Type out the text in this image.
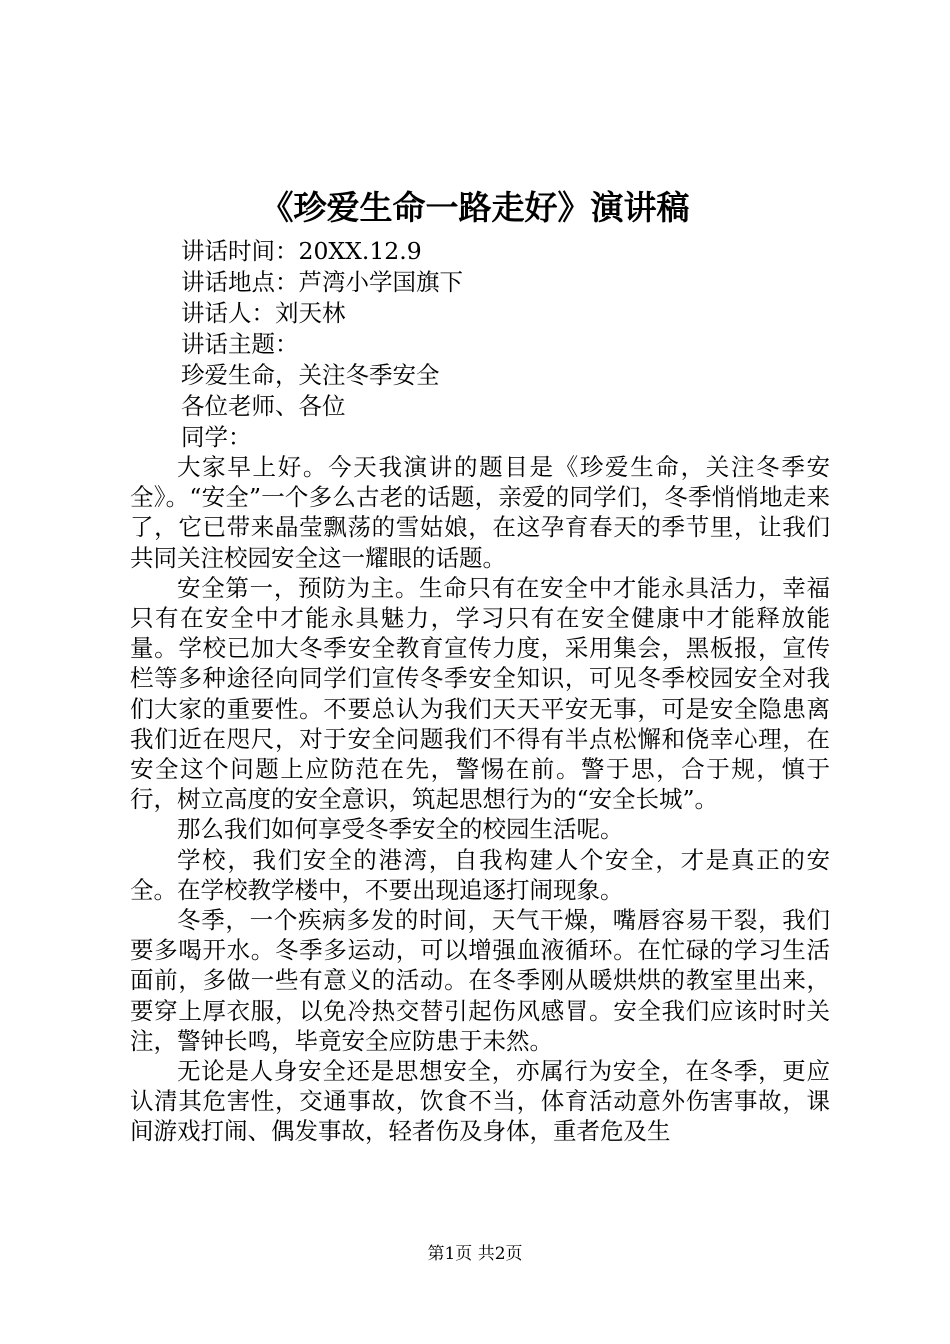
《珍爱生命一路走好》演讲稿
讲话时间：20XX.12.9
讲话地点：芦湾小学国旗下
讲话人：刘天林
讲话主题：
珍爱生命，关注冬季安全
各位老师、各位
同学：

大家早上好。今天我演讲的题目是《珍爱生命，关注冬季安全》。“安全”一个多么古老的话题，亲爱的同学们，冬季悄悄地走来了，它已带来晶莹飘荡的雪姑娘，在这孕育春天的季节里，让我们共同关注校园安全这一耀眼的话题。

安全第一，预防为主。生命只有在安全中才能永具活力，幸福只有在安全中才能永具魅力，学习只有在安全健康中才能释放能量。学校已加大冬季安全教育宣传力度，采用集会，黑板报，宣传栏等多种途径向同学们宣传冬季安全知识，可见冬季校园安全对我们大家的重要性。不要总认为我们天天平安无事，可是安全隐患离我们近在咫尺，对于安全问题我们不得有半点松懈和侥幸心理，在安全这个问题上应防范在先，警惕在前。警于思，合于规，慎于行，树立高度的安全意识，筑起思想行为的“安全长城”。

那么我们如何享受冬季安全的校园生活呢。

学校，我们安全的港湾，自我构建人个安全，才是真正的安全。在学校教学楼中，不要出现追逐打闹现象。

冬季，一个疾病多发的时间，天气干燥，嘴唇容易干裂，我们要多喝开水。冬季多运动，可以增强血液循环。在忙碌的学习生活面前，多做一些有意义的活动。在冬季刚从暖烘烘的教室里出来，要穿上厚衣服，以免冷热交替引起伤风感冒。安全我们应该时时关注，警钟长鸣，毕竟安全应防患于未然。

无论是人身安全还是思想安全，亦属行为安全，在冬季，更应认清其危害性，交通事故，饮食不当，体育活动意外伤害事故，课间游戏打闹、偶发事故，轻者伤及身体，重者危及生

第1页 共2页
